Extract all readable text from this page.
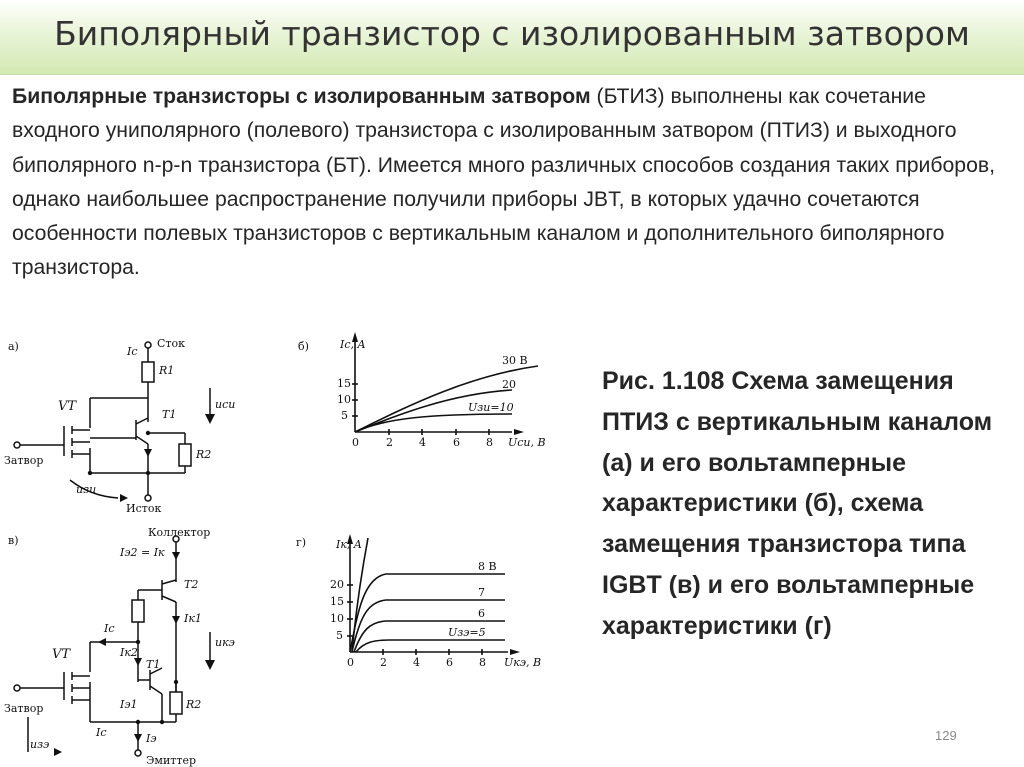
Биполярный транзистор с изолированным затвором
Биполярные транзисторы с изолированным затвором (БТИЗ) выполнены как сочетание входного униполярного (полевого) транзистора с изолированным затвором (ПТИЗ) и выходного биполярного n-p-n транзистора (БТ). Имеется много различных способов создания таких приборов, однако наибольшее распространение получили приборы JBT, в которых удачно сочетаются особенности полевых транзисторов с вертикальным каналом и дополнительного биполярного транзистора.
а)	Сток
Ic
R1
T1
VT
R2
uси
Затвор
uзи
Исток
б)	Ic, A
15
10
5
0 2 4 6 8 Uси, В
30 В
20
Uзи=10
в)
Коллектор
Iэ2 = Iк
T2
Iк1
Ic
Iк2
T1
VT
R2
Iэ1
uкэ
Затвор
Ic	Iэ
uзэ
Эмиттер
г)	Iк, A
20
15
10
5
0 2 4 6 8 Uкэ, В
8 В
7
6
Uзэ=5
Рис. 1.108 Схема замещения ПТИЗ с вертикальным каналом (а) и его вольтамперные характеристики (б), схема замещения транзистора типа IGBT (в) и его вольтамперные характеристики (г)
129
